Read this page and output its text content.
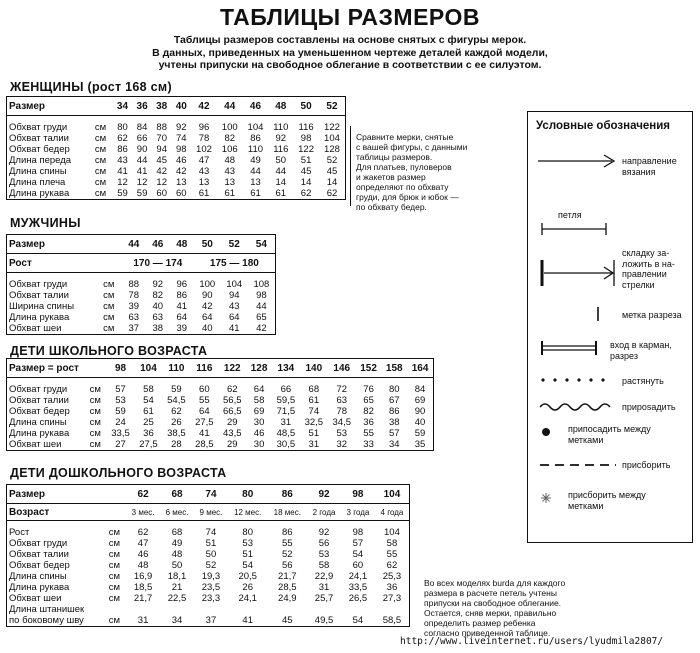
ТАБЛИЦЫ РАЗМЕРОВ

Таблицы размеров составлены на основе снятых с фигуры мерок.
В данных, приведенных на уменьшенном чертеже деталей каждой модели,
учтены припуски на свободное облегание в соответствии с ее силуэтом.

ЖЕНЩИНЫ (рост 168 см)
Размер		34	36	38	40	42	44	46	48	50	52

Обхват груди	см	80	84	88	92	96	100	104	110	116	122
Обхват талии	см	62	66	70	74	78	82	86	92	98	104
Обхват бедер	см	86	90	94	98	102	106	110	116	122	128
Длина переда	см	43	44	45	46	47	48	49	50	51	52
Длина спины	см	41	41	42	42	43	43	44	44	45	45
Длина плеча	см	12	12	12	13	13	13	13	14	14	14
Длина рукава	см	59	59	60	60	61	61	61	61	62	62

Сравните мерки, снятые
с вашей фигуры, с данными
таблицы размеров.
Для платьев, пуловеров
и жакетов размер
определяют по обхвату
груди, для брюк и юбок —
по обхвату бедер.

МУЖЧИНЫ
Размер		44	46	48	50	52	54
Рост		170 — 174			175 — 180		

Обхват груди	см	88	92	96	100	104	108
Обхват талии	см	78	82	86	90	94	98
Ширина спины	см	39	40	41	42	43	44
Длина рукава	см	63	63	64	64	64	65
Обхват шеи	см	37	38	39	40	41	42
ДЕТИ ШКОЛЬНОГО ВОЗРАСТА
Размер = рост		98	104	110	116	122	128	134	140	146	152	158	164

Обхват груди	см	57	58	59	60	62	64	66	68	72	76	80	84
Обхват талии	см	53	54	54,5	55	56,5	58	59,5	61	63	65	67	69
Обхват бедер	см	59	61	62	64	66,5	69	71,5	74	78	82	86	90
Длина спины	см	24	25	26	27,5	29	30	31	32,5	34,5	36	38	40
Длина рукава	см	33,5	36	38,5	41	43,5	46	48,5	51	53	55	57	59
Обхват шеи	см	27	27,5	28	28,5	29	30	30,5	31	32	33	34	35
ДЕТИ ДОШКОЛЬНОГО ВОЗРАСТА
Размер		62	68	74	80	86	92	98	104
Возраст		3 мес.	6 мес.	9 мес.	12 мес.	18 мес.	2 года	3 года	4 года

Рост	см	62	68	74	80	86	92	98	104
Обхват груди	см	47	49	51	53	55	56	57	58
Обхват талии	см	46	48	50	51	52	53	54	55
Обхват бедер	см	48	50	52	54	56	58	60	62
Длина спины	см	16,9	18,1	19,3	20,5	21,7	22,9	24,1	25,3
Длина рукава	см	18,5	21	23,5	26	28,5	31	33,5	36
Обхват шеи	см	21,7	22,5	23,3	24,1	24,9	25,7	26,5	27,3
Длина штанишек									
по боковому шву	см	31	34	37	41	45	49,5	54	58,5

Во всех моделях burda для каждого
размера в расчете петель учтены
припуски на свободное облегание.
Остается, сняв мерки, правильно
определить размер ребенка
согласно приведенной таблице.

Условные обозначения
направление
вязания
петля
складку за-
ложить в на-
правлении
стрелки
метка разреза
вход в карман,
разрез
растянуть
приposадить
припосадить между
метками
присборить
присборить между
метками
http://www.liveinternet.ru/users/lyudmila2807/
